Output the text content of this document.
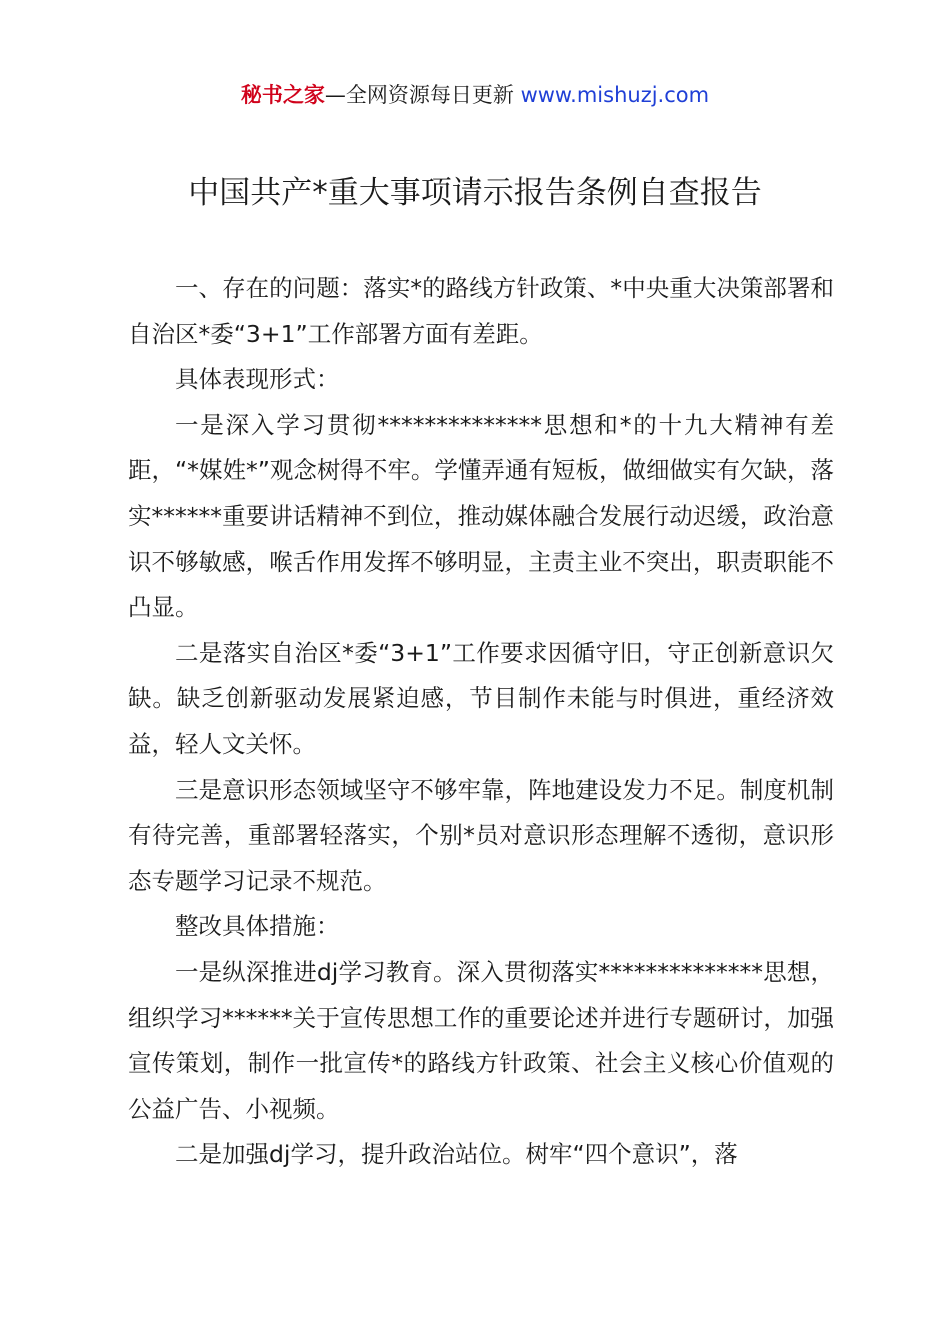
秘书之家—全网资源每日更新 www.mishuzj.com
中国共产*重大事项请示报告条例自查报告

一、存在的问题：落实*的路线方针政策、*中央重大决策部署和自治区*委“3+1”工作部署方面有差距。

具体表现形式：

一是深入学习贯彻**************思想和*的十九大精神有差距，“*媒姓*”观念树得不牢。学懂弄通有短板，做细做实有欠缺，落实******重要讲话精神不到位，推动媒体融合发展行动迟缓，政治意识不够敏感，喉舌作用发挥不够明显，主责主业不突出，职责职能不凸显。

二是落实自治区*委“3+1”工作要求因循守旧，守正创新意识欠缺。缺乏创新驱动发展紧迫感，节目制作未能与时俱进，重经济效益，轻人文关怀。

三是意识形态领域坚守不够牢靠，阵地建设发力不足。制度机制有待完善，重部署轻落实，个别*员对意识形态理解不透彻，意识形态专题学习记录不规范。

整改具体措施：

一是纵深推进dj学习教育。深入贯彻落实**************思想，组织学习******关于宣传思想工作的重要论述并进行专题研讨，加强宣传策划，制作一批宣传*的路线方针政策、社会主义核心价值观的公益广告、小视频。

二是加强dj学习，提升政治站位。树牢“四个意识”，落
